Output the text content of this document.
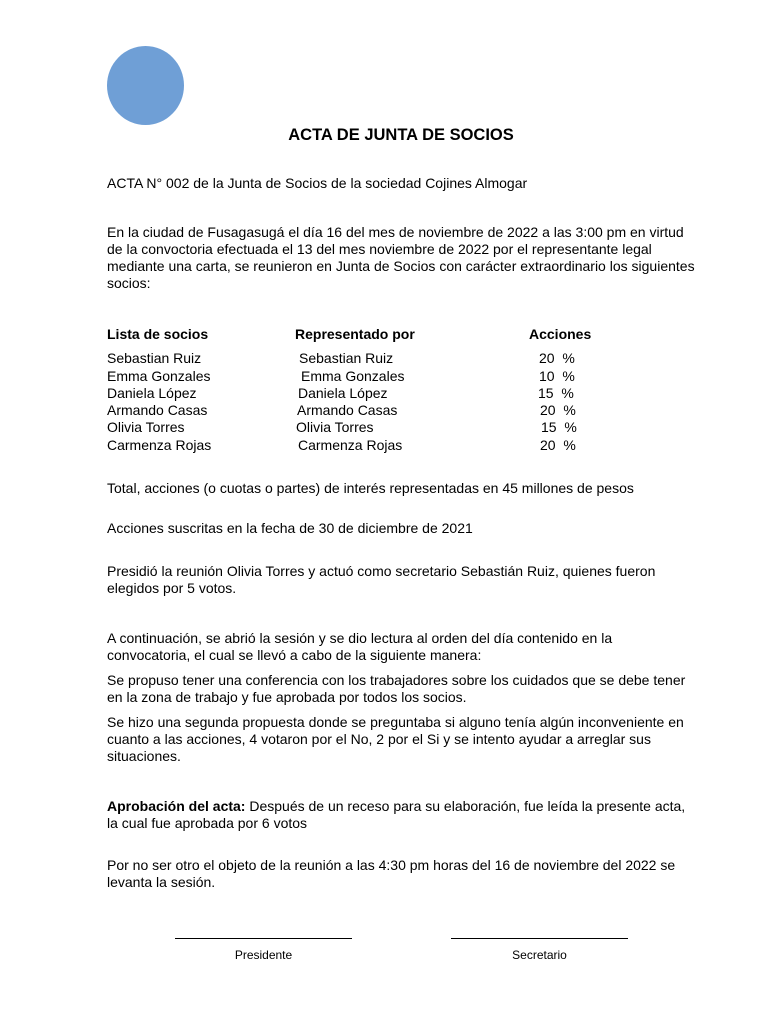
ACTA DE JUNTA DE SOCIOS
ACTA N° 002 de la Junta de Socios de la sociedad Cojines Almogar
En la ciudad de Fusagasugá el día 16 del mes de noviembre de 2022 a las 3:00 pm en virtud de la convoctoria efectuada el 13 del mes noviembre de 2022 por el representante legal mediante una carta, se reunieron en Junta de Socios con carácter extraordinario los siguientes socios:
Lista de socios	Representado por	Acciones
Sebastian Ruiz	Sebastian Ruiz	20  %
Emma Gonzales	Emma Gonzales	10  %
Daniela López	Daniela López	15  %
Armando Casas	Armando Casas	20  %
Olivia Torres	Olivia Torres	15  %
Carmenza Rojas	Carmenza Rojas	20  %
Total, acciones (o cuotas o partes) de interés representadas en 45 millones de pesos
Acciones suscritas en la fecha de 30 de diciembre de 2021
Presidió la reunión Olivia Torres y actuó como secretario Sebastián Ruiz, quienes fueron elegidos por 5 votos.
A continuación, se abrió la sesión y se dio lectura al orden del día contenido en la convocatoria, el cual se llevó a cabo de la siguiente manera:
Se propuso tener una conferencia con los trabajadores sobre los cuidados que se debe tener en la zona de trabajo y fue aprobada por todos los socios.
Se hizo una segunda propuesta donde se preguntaba si alguno tenía algún inconveniente en cuanto a las acciones, 4 votaron por el No, 2 por el Si y se intento ayudar a arreglar sus situaciones.
Aprobación del acta: Después de un receso para su elaboración, fue leída la presente acta, la cual fue aprobada por 6 votos
Por no ser otro el objeto de la reunión a las 4:30 pm horas del 16 de noviembre del 2022 se levanta la sesión.
Presidente	Secretario
